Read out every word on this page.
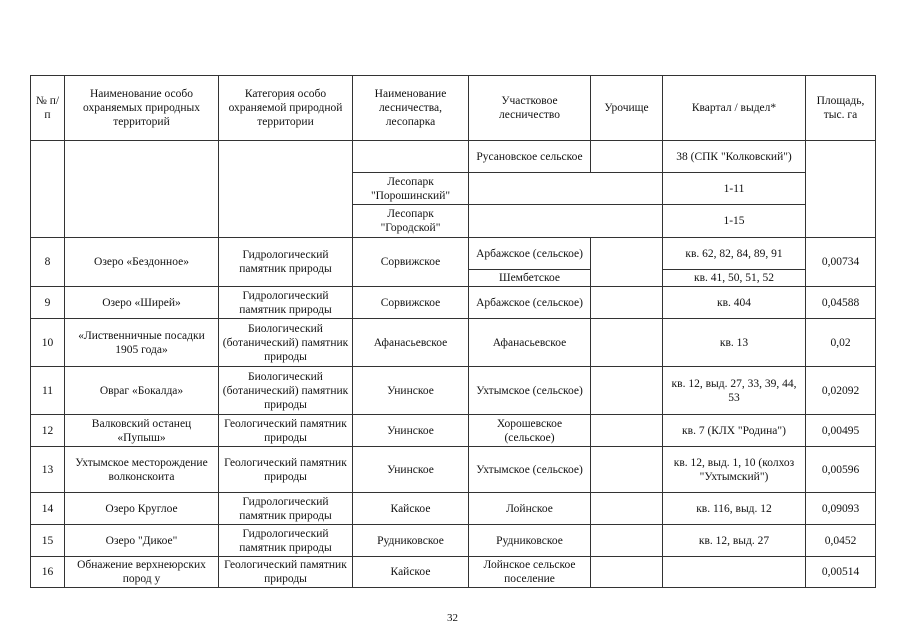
№ п/п	Наименование особо охраняемых природных территорий	Категория особо охраняемой природной территории	Наименование лесничества, лесопарка	Участковое лесничество	Урочище	Квартал / выдел*	Площадь, тыс. га
				Русановское сельское		38 (СПК "Колковский")	
			Лесопарк "Порошинский"			1-11	
			Лесопарк "Городской"			1-15	
8	Озеро «Бездонное»	Гидрологический памятник природы	Сорвижское	Арбажское (сельское)		кв. 62, 82, 84, 89, 91	0,00734
				Шембетское		кв. 41, 50, 51, 52	
9	Озеро «Ширей»	Гидрологический памятник природы	Сорвижское	Арбажское (сельское)		кв. 404	0,04588
10	«Лиственничные посадки 1905 года»	Биологический (ботанический) памятник природы	Афанасьевское	Афанасьевское		кв. 13	0,02
11	Овраг «Бокалда»	Биологический (ботанический) памятник природы	Унинское	Ухтымское (сельское)		кв. 12, выд. 27, 33, 39, 44, 53	0,02092
12	Валковский останец «Пупыш»	Геологический памятник природы	Унинское	Хорошевское (сельское)		кв. 7 (КЛХ "Родина")	0,00495
13	Ухтымское месторождение волконскоита	Геологический памятник природы	Унинское	Ухтымское (сельское)		кв. 12, выд. 1, 10 (колхоз "Ухтымский")	0,00596
14	Озеро Круглое	Гидрологический памятник природы	Кайское	Лойнское		кв. 116, выд. 12	0,09093
15	Озеро "Дикое"	Гидрологический памятник природы	Рудниковское	Рудниковское		кв. 12, выд. 27	0,0452
16	Обнажение верхнеюрских пород у	Геологический памятник природы	Кайское	Лойнское сельское поселение			0,00514
32
